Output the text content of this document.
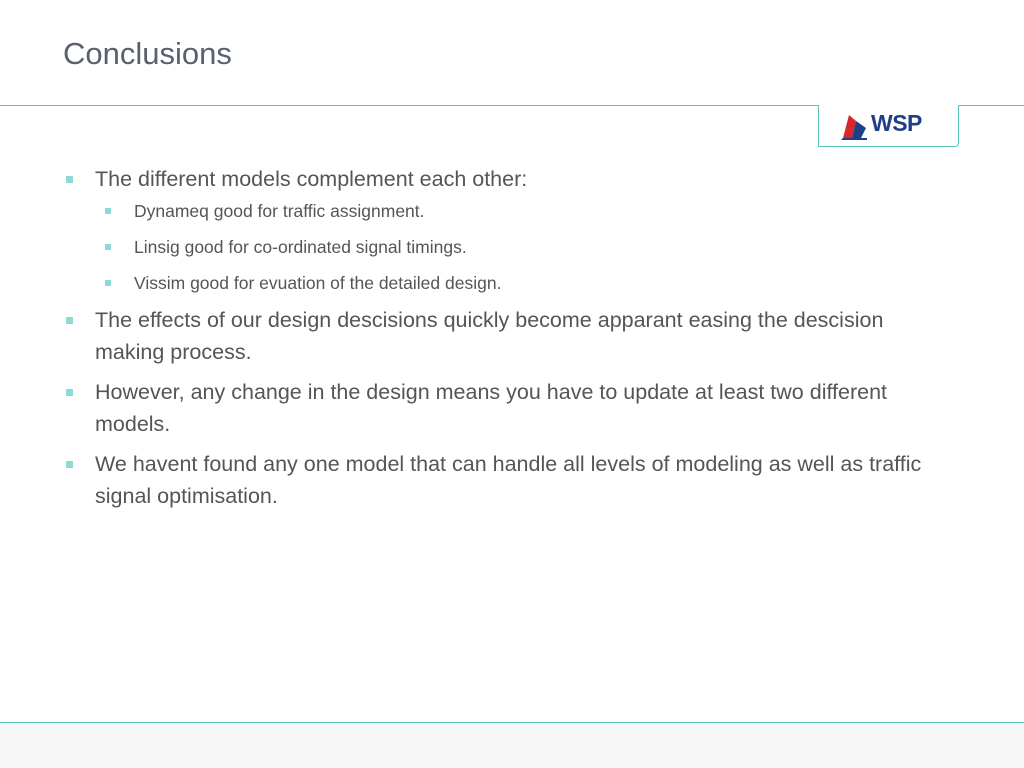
Conclusions
WSP
The different models complement each other:
Dynameq good for traffic assignment.
Linsig good for co-ordinated signal timings.
Vissim good for evuation of the detailed design.
The effects of our design descisions quickly become apparant easing the descision making process.
However, any change in the design means you have to update at least two different models.
We havent found any one model that can handle all levels of modeling as well as traffic signal optimisation.
